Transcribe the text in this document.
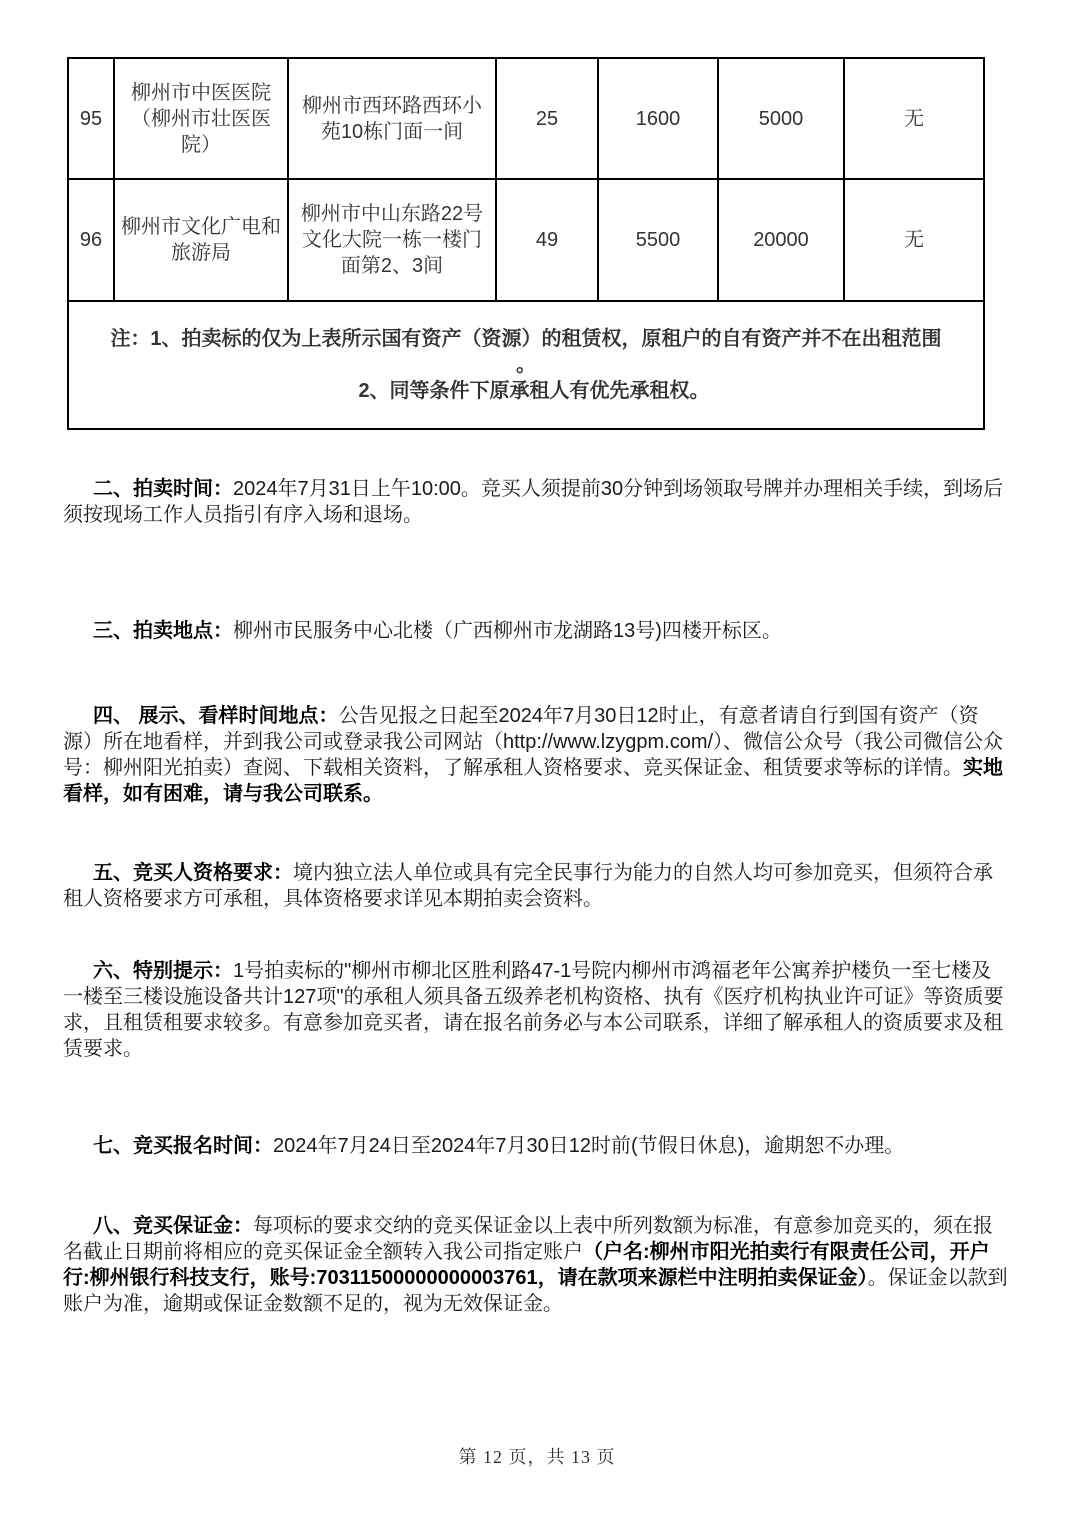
95	柳州市中医医院（柳州市壮医医院）	柳州市西环路西环小苑10栋门面一间	25	1600	5000	无
96	柳州市文化广电和旅游局	柳州市中山东路22号文化大院一栋一楼门面第2、3间	49	5500	20000	无

注：1、拍卖标的仅为上表所示国有资产（资源）的租赁权，原租户的自有资产并不在出租范围
。
2、同等条件下原承租人有优先承租权。						
二、拍卖时间：2024年7月31日上午10:00。竞买人须提前30分钟到场领取号牌并办理相关手续，到场后须按现场工作人员指引有序入场和退场。
三、拍卖地点：柳州市民服务中心北楼（广西柳州市龙湖路13号)四楼开标区。
四、 展示、看样时间地点：公告见报之日起至2024年7月30日12时止，有意者请自行到国有资产（资源）所在地看样，并到我公司或登录我公司网站（http://www.lzygpm.com/）、微信公众号（我公司微信公众号：柳州阳光拍卖）查阅、下载相关资料，了解承租人资格要求、竞买保证金、租赁要求等标的详情。实地看样，如有困难，请与我公司联系。
五、竞买人资格要求：境内独立法人单位或具有完全民事行为能力的自然人均可参加竞买，但须符合承租人资格要求方可承租，具体资格要求详见本期拍卖会资料。
六、特别提示：1号拍卖标的"柳州市柳北区胜利路47-1号院内柳州市鸿福老年公寓养护楼负一至七楼及一楼至三楼设施设备共计127项"的承租人须具备五级养老机构资格、执有《医疗机构执业许可证》等资质要求，且租赁租要求较多。有意参加竞买者，请在报名前务必与本公司联系，详细了解承租人的资质要求及租赁要求。
七、竞买报名时间：2024年7月24日至2024年7月30日12时前(节假日休息)，逾期恕不办理。
八、竞买保证金：每项标的要求交纳的竞买保证金以上表中所列数额为标准，有意参加竞买的，须在报名截止日期前将相应的竞买保证金全额转入我公司指定账户（户名:柳州市阳光拍卖行有限责任公司，开户行:柳州银行科技支行，账号:70311500000000003761，请在款项来源栏中注明拍卖保证金）。保证金以款到账户为准，逾期或保证金数额不足的，视为无效保证金。
第 12 页，共 13 页
